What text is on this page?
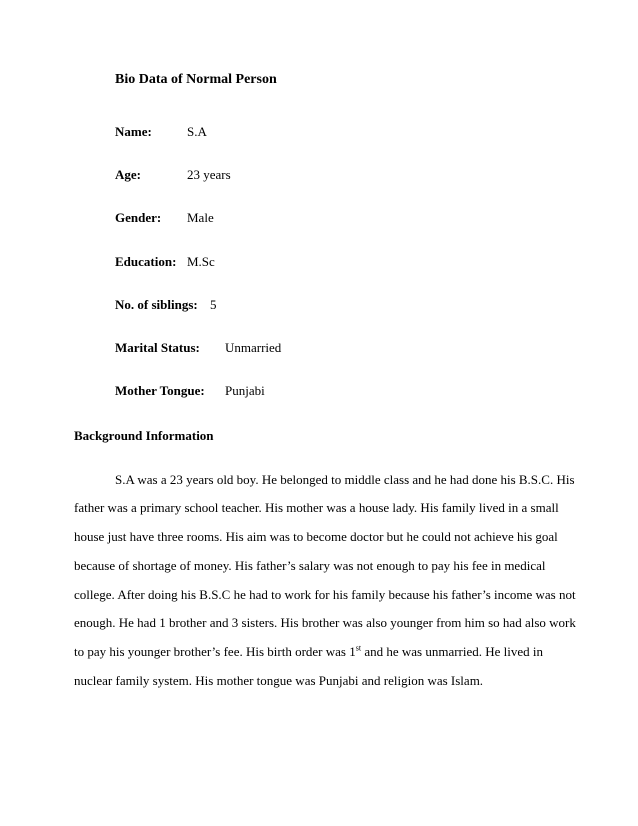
Bio Data of Normal Person
Name:	S.A
Age:	23 years
Gender: Male
Education: M.Sc
No. of siblings: 5
Marital Status: Unmarried
Mother Tongue: Punjabi
Background Information
S.A was a 23 years old boy. He belonged to middle class and he had done his B.S.C. His
father was a primary school teacher. His mother was a house lady. His family lived in a small
house just have three rooms. His aim was to become doctor but he could not achieve his goal
because of shortage of money. His father’s salary was not enough to pay his fee in medical
college. After doing his B.S.C he had to work for his family because his father’s income was not
enough. He had 1 brother and 3 sisters. His brother was also younger from him so had also work
to pay his younger brother’s fee. His birth order was 1st and he was unmarried. He lived in
nuclear family system. His mother tongue was Punjabi and religion was Islam.
